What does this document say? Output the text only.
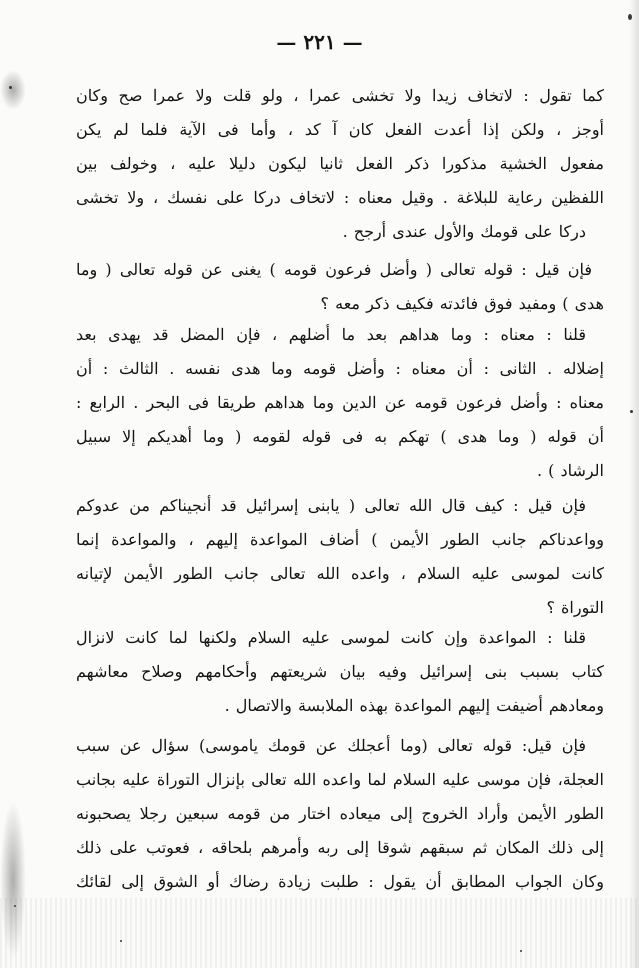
— ٢٢١ —
كما تقول : لاتخاف زيدا ولا تخشى عمرا ، ولو قلت ولا عمرا صح وكان
أوجز ، ولكن إذا أعدت الفعل كان آ كد ، وأما فى الآية فلما لم يكن
مفعول الخشية مذكورا ذكر الفعل ثانيا ليكون دليلا عليه ، وخولف بين
اللفظين رعاية للبلاغة . وقيل معناه : لاتخاف دركا على نفسك ، ولا تخشى
دركا على قومك والأول عندى أرجح .
فإن قيل : قوله تعالى ( وأضل فرعون قومه ) يغنى عن قوله تعالى ( وما
هدى ) ومفيد فوق فائدته فكيف ذكر معه ؟
قلنا : معناه : وما هداهم بعد ما أضلهم ، فإن المضل قد يهدى بعد
إضلاله . الثانى : أن معناه : وأضل قومه وما هدى نفسه . الثالث : أن
معناه : وأضل فرعون قومه عن الدين وما هداهم طريقا فى البحر . الرابع :
أن قوله ( وما هدى ) تهكم به فى قوله لقومه ( وما أهديكم إلا سبيل
الرشاد ) .
فإن قيل : كيف قال الله تعالى ( يابنى إسرائيل قد أنجيناكم من عدوكم
وواعدناكم جانب الطور الأيمن ) أضاف المواعدة إليهم ، والمواعدة إنما
كانت لموسى عليه السلام ، واعده الله تعالى جانب الطور الأيمن لإتيانه
التوراة ؟
قلنا : المواعدة وإن كانت لموسى عليه السلام ولكنها لما كانت لانزال
كتاب بسبب بنى إسرائيل وفيه بيان شريعتهم وأحكامهم وصلاح معاشهم
ومعادهم أضيفت إليهم المواعدة بهذه الملابسة والاتصال .
فإن قيل: قوله تعالى (وما أعجلك عن قومك ياموسى) سؤال عن سبب
العجلة، فإن موسى عليه السلام لما واعده الله تعالى بإنزال التوراة عليه بجانب
الطور الأيمن وأراد الخروج إلى ميعاده اختار من قومه سبعين رجلا يصحبونه
إلى ذلك المكان ثم سبقهم شوقا إلى ربه وأمرهم بلحاقه ، فعوتب على ذلك
وكان الجواب المطابق أن يقول : طلبت زيادة رضاك أو الشوق إلى لقائك
